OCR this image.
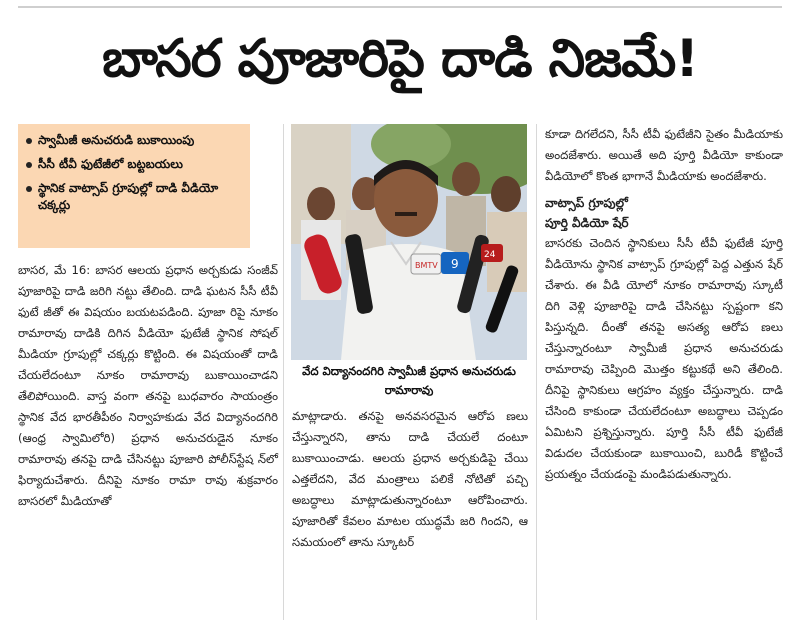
బాసర పూజారిపై దాడి నిజమే!
స్వామీజీ అనుచరుడి బుకాయింపు
సీసీ టీవీ ఫుటేజీలో బట్టబయలు
స్థానిక వాట్సాప్ గ్రూపుల్లో దాడి వీడియో చక్కర్లు

బాసర, మే 16: బాసర ఆలయ ప్రధాన అర్చకుడు సంజీవ్ పూజారిపై దాడి జరిగి నట్టు తేలింది. దాడి ఘటన సీసీ టీవీ ఫుటే జీతో ఈ విషయం బయటపడింది. పూజా రిపై నూకం రామారావు దాడికి దిగిన వీడియో ఫుటేజీ స్థానిక సోషల్ మీడియా గ్రూపుల్లో చక్కర్లు కొట్టింది. ఈ విషయంతో దాడి చేయలేదంటూ నూకం రామారావు బుకాయించాడని తేలిపోయింది. వాస్త వంగా తనపై బుధవారం సాయంత్రం స్థానిక వేద భారతీపీఠం నిర్వాహకుడు వేద విద్యానందగిరి (ఆంధ్ర స్వామిలోరి) ప్రధాన అనుచరుడైన నూకం రామారావు తనపై దాడి చేసినట్టు పూజారి పోలీస్‌స్టేష న్‌లో ఫిర్యాదుచేశారు. దీనిపై నూకం రామా రావు శుక్రవారం బాసరలో మీడియాతో

BMTV 9
24
వేద విద్యానందగిరి స్వామీజీ ప్రధాన అనుచరుడు రామారావు

మాట్లాడారు. తనపై అనవసరమైన ఆరోప ణలు చేస్తున్నారని, తాను దాడి చేయలే దంటూ బుకాయించాడు. ఆలయ ప్రధాన అర్చకుడిపై చేయి ఎత్తలేదని, వేద మంత్రాలు పలికే నోటితో పచ్చి అబద్ధాలు మాట్లాడుతున్నారంటూ ఆరోపించారు. పూజారితో కేవలం మాటల యుద్ధమే జరి గిందని, ఆ సమయంలో తాను స్కూటర్

కూడా దిగలేదని, సీసీ టీవీ ఫుటేజీని సైతం మీడియాకు అందజేశారు. అయితే అది పూర్తి వీడియో కాకుండా వీడియోలో కొంత భాగానే మీడియాకు అందజేశారు.

వాట్సాప్ గ్రూపుల్లో
పూర్తి వీడియో షేర్

బాసరకు చెందిన స్థానికులు సీసీ టీవీ ఫుటేజీ పూర్తి వీడియోను స్థానిక వాట్సాప్ గ్రూపుల్లో పెద్ద ఎత్తున షేర్ చేశారు. ఈ వీడి యోలో నూకం రామారావు స్కూటీ దిగి వెళ్లి పూజారిపై దాడి చేసినట్టు స్పష్టంగా కని పిస్తున్నది. దీంతో తనపై అసత్య ఆరోప ణలు చేస్తున్నారంటూ స్వామీజీ ప్రధాన అనుచరుడు రామారావు చెప్పింది మొత్తం కట్టుకథే అని తేలింది. దీనిపై స్థానికులు ఆగ్రహం వ్యక్తం చేస్తున్నారు. దాడి చేసింది కాకుండా చేయలేదంటూ అబద్ధాలు చెప్పడం ఏమిటని ప్రశ్నిస్తున్నారు. పూర్తి సీసీ టీవీ ఫుటేజీ విడుదల చేయకుండా బుకాయించి, బురిడీ కొట్టించే ప్రయత్నం చేయడంపై మండిపడుతున్నారు.
